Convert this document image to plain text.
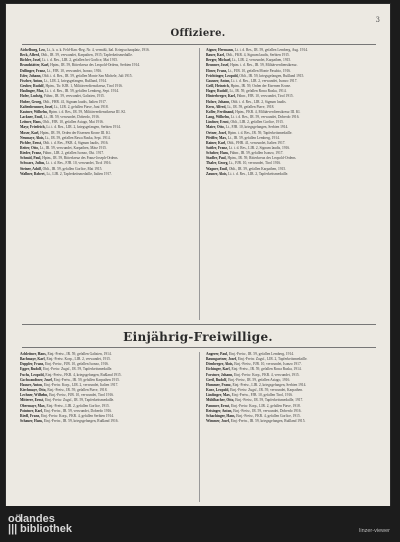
3
Offiziere.
Aichelburg, Leo, Lt., k. u. k. Feld-Kan.-Reg. Nr. 4, vermißt, Ital. Kriegsschauplatz, 1916.
Beck, Alfred, Oblt., IR. 59, verwundet, Karpathen, 1915; Tapferkeitsmedaille.
Bichler, Josef, Lt. i. d. Res., LIR. 2, gefallen bei Gorlice, Mai 1915.
Brandstätter, Karl, Hptm., IR. 59, Ritterkreuz des Leopold-Ordens, Serbien 1914.
Dollinger, Franz, Lt., FJB. 10, verwundet, Isonzo, 1916.
Eder, Johann, Oblt. i. d. Res., IR. 59, gefallen Monte San Michele, Juli 1915.
Fischer, Anton, Lt., LIR. 2, kriegsgefangen, Rußland, 1914.
Gruber, Rudolf, Hptm., Tir. KJR. 1, Militärverdienstkreuz, Tirol 1916.
Haslinger, Max, Lt. i. d. Res., IR. 59, gefallen Lemberg, Sept. 1914.
Hofer, Ludwig, Fähnr., IR. 59, verwundet, Galizien, 1915.
Huber, Georg, Oblt., FHR. 41, Signum laudis, Italien 1917.
Kaltenbrunner, Josef, Lt., LIR. 2, gefallen Piave, Juni 1918.
Kastner, Wilhelm, Hptm. i. d. Res., IR. 59, Militärverdienstkreuz III. Kl.
Lackner, Emil, Lt., IR. 59, verwundet, Doberdo, 1916.
Leitner, Hans, Oblt., FJB. 10, gefallen Asiago, Mai 1916.
Mayr, Friedrich, Lt. i. d. Res., LIR. 2, kriegsgefangen, Serbien 1914.
Moser, Karl, Hptm., IR. 59, Orden der Eisernen Krone III. Kl.
Neumayr, Alois, Lt., IR. 59, gefallen Rawa Ruska, Sept. 1914.
Pichler, Ernst, Oblt. i. d. Res., FKR. 4, Signum laudis, 1916.
Reiter, Otto, Lt., IR. 59, verwundet, Karpathen, März 1915.
Rieder, Franz, Fähnr., LIR. 2, gefallen Isonzo, Okt. 1917.
Schmid, Paul, Hptm., IR. 59, Ritterkreuz des Franz-Joseph-Ordens.
Schwarz, Julius, Lt. i. d. Res., FJB. 10, verwundet, Tirol 1916.
Steiner, Adolf, Oblt., IR. 59, gefallen Gorlice, Mai 1915.
Wallner, Robert, Lt., LIR. 2, Tapferkeitsmedaille, Italien 1917.
Aigner, Hermann, Lt. i. d. Res., IR. 59, gefallen Lemberg, Aug. 1914.
Bauer, Karl, Oblt., FKR. 4, Signum laudis, Serbien 1915.
Berger, Michael, Lt., LIR. 2, verwundet, Karpathen, 1915.
Brunner, Josef, Hptm. i. d. Res., IR. 59, Militärverdienstkreuz.
Ebner, Franz, Lt., FJB. 10, gefallen Monte Pasubio, 1916.
Feichtinger, Leopold, Oblt., IR. 59, kriegsgefangen, Rußland 1915.
Gassner, Anton, Lt. i. d. Res., LIR. 2, verwundet, Isonzo 1917.
Grill, Heinrich, Hptm., IR. 59, Orden der Eisernen Krone.
Hager, Rudolf, Lt., IR. 59, gefallen Rawa Ruska, 1914.
Hinterberger, Karl, Fähnr., FJB. 10, verwundet, Tirol 1915.
Holzer, Johann, Oblt. i. d. Res., LIR. 2, Signum laudis.
Kern, Alfred, Lt., IR. 59, gefallen Piave, 1918.
Koller, Ferdinand, Hptm., FKR. 4, Militärverdienstkreuz III. Kl.
Lang, Wilhelm, Lt. i. d. Res., IR. 59, verwundet, Doberdo 1916.
Lindner, Ernst, Oblt., LIR. 2, gefallen Gorlice, 1915.
Maier, Otto, Lt., FJB. 10, kriegsgefangen, Serbien 1914.
Ortner, Josef, Hptm. i. d. Res., IR. 59, Tapferkeitsmedaille.
Pfeiffer, Max, Lt., IR. 59, gefallen Lemberg, 1914.
Rainer, Karl, Oblt., FHR. 41, verwundet, Italien 1917.
Sattler, Franz, Lt. i. d. Res., LIR. 2, Signum laudis, 1916.
Schober, Hans, Fähnr., IR. 59, gefallen Isonzo, 1917.
Stadler, Paul, Hptm., IR. 59, Ritterkreuz des Leopold-Ordens.
Thaler, Georg, Lt., FJB. 10, verwundet, Tirol 1916.
Wagner, Emil, Oblt., IR. 59, gefallen Karpathen, 1915.
Zauner, Alois, Lt. i. d. Res., LIR. 2, Tapferkeitsmedaille.
Einjährig-Freiwillige.
Achleitner, Hans, Einj.-Freiw., IR. 59, gefallen Galizien, 1914.
Bachmayr, Karl, Einj.-Freiw. Korp., LIR. 2, verwundet, 1915.
Doppler, Franz, Einj.-Freiw., FJB. 10, gefallen Isonzo, 1916.
Egger, Rudolf, Einj.-Freiw. Zugsf., IR. 59, Tapferkeitsmedaille.
Fuchs, Leopold, Einj.-Freiw., FKR. 4, kriegsgefangen, Rußland 1915.
Gschwandtner, Josef, Einj.-Freiw., IR. 59, gefallen Karpathen 1915.
Hauser, Anton, Einj.-Freiw. Korp., LIR. 2, verwundet, Italien 1917.
Kirchmayr, Otto, Einj.-Freiw., IR. 59, gefallen Piave, 1918.
Lechner, Wilhelm, Einj.-Freiw., FJB. 10, verwundet, Tirol 1916.
Mitterer, Ernst, Einj.-Freiw. Zugsf., IR. 59, Tapferkeitsmedaille.
Obermayr, Max, Einj.-Freiw., LIR. 2, gefallen Gorlice, 1915.
Pointner, Karl, Einj.-Freiw., IR. 59, verwundet, Doberdo 1916.
Riedl, Franz, Einj.-Freiw. Korp., FKR. 4, gefallen Serbien 1914.
Schauer, Hans, Einj.-Freiw., IR. 59, kriegsgefangen, Rußland 1916.
Angerer, Paul, Einj.-Freiw., IR. 59, gefallen Lemberg, 1914.
Baumgartner, Josef, Einj.-Freiw. Zugsf., LIR. 2, Tapferkeitsmedaille.
Dirnberger, Alois, Einj.-Freiw., FJB. 10, verwundet, Isonzo 1917.
Eichinger, Karl, Einj.-Freiw., IR. 59, gefallen Rawa Ruska, 1914.
Forstner, Johann, Einj.-Freiw. Korp., FKR. 4, verwundet, 1915.
Greil, Rudolf, Einj.-Freiw., IR. 59, gefallen Asiago, 1916.
Hummer, Franz, Einj.-Freiw., LIR. 2, kriegsgefangen, Serbien 1914.
Kurz, Leopold, Einj.-Freiw. Zugsf., IR. 59, verwundet, Karpathen.
Lindinger, Max, Einj.-Freiw., FJB. 10, gefallen Tirol, 1916.
Mühlbacher, Otto, Einj.-Freiw., IR. 59, Tapferkeitsmedaille, 1917.
Pammer, Ernst, Einj.-Freiw. Korp., LIR. 2, gefallen Piave, 1918.
Reisinger, Anton, Einj.-Freiw., IR. 59, verwundet, Doberdo 1916.
Schachinger, Hans, Einj.-Freiw., FKR. 4, gefallen Gorlice, 1915.
Wimmer, Josef, Einj.-Freiw., IR. 59, kriegsgefangen, Rußland 1915.
oölandes
||| bibliothek	linzer-viewer
